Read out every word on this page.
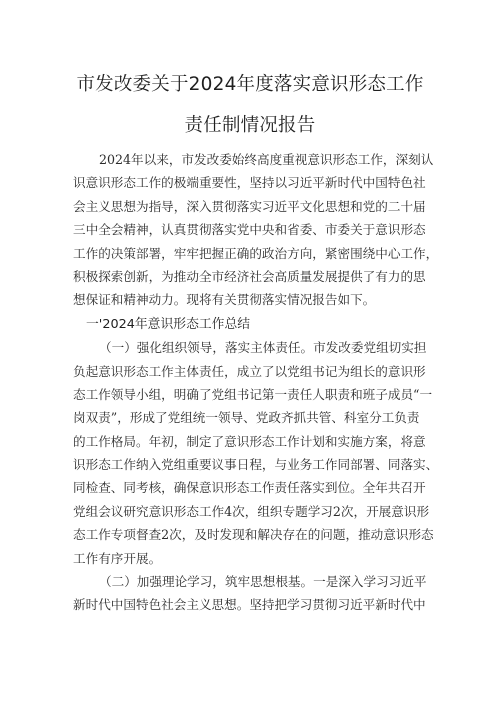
市发改委关于2024年度落实意识形态工作
责任制情况报告
2024年以来，市发改委始终高度重视意识形态工作，深刻认
识意识形态工作的极端重要性，坚持以习近平新时代中国特色社
会主义思想为指导，深入贯彻落实习近平文化思想和党的二十届
三中全会精神，认真贯彻落实党中央和省委、市委关于意识形态
工作的决策部署，牢牢把握正确的政治方向，紧密围绕中心工作，
积极探索创新，为推动全市经济社会高质量发展提供了有力的思
想保证和精神动力。现将有关贯彻落实情况报告如下。
一'2024年意识形态工作总结
（一）强化组织领导，落实主体责任。市发改委党组切实担
负起意识形态工作主体责任，成立了以党组书记为组长的意识形
态工作领导小组，明确了党组书记第一责任人职责和班子成员“一
岗双责”，形成了党组统一领导、党政齐抓共管、科室分工负责
的工作格局。年初，制定了意识形态工作计划和实施方案，将意
识形态工作纳入党组重要议事日程，与业务工作同部署、同落实、
同检查、同考核，确保意识形态工作责任落实到位。全年共召开
党组会议研究意识形态工作4次，组织专题学习2次，开展意识形
态工作专项督查2次，及时发现和解决存在的问题，推动意识形态
工作有序开展。
（二）加强理论学习，筑牢思想根基。一是深入学习习近平
新时代中国特色社会主义思想。坚持把学习贯彻习近平新时代中
